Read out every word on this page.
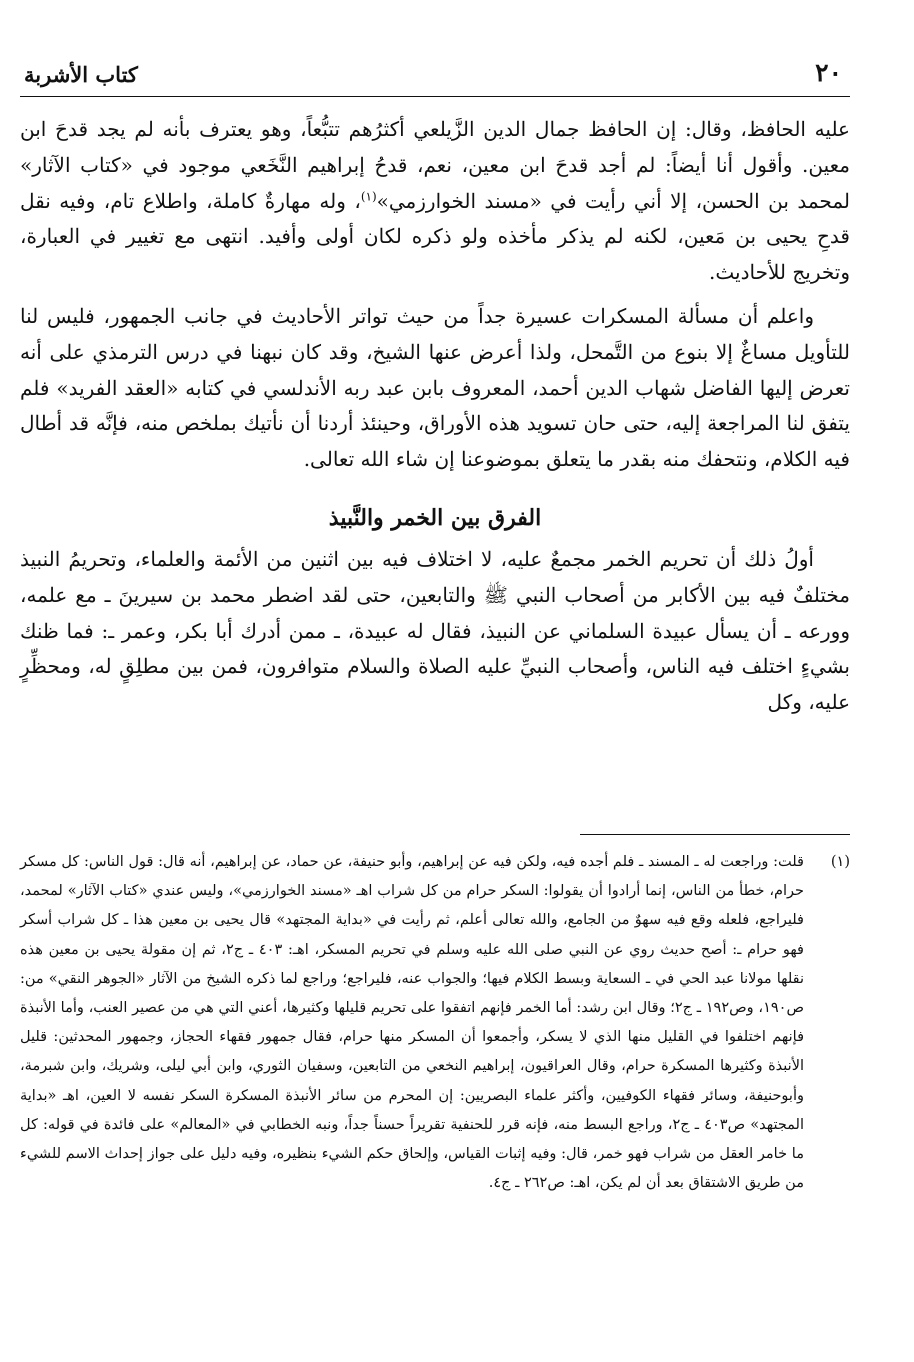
٢٠
كتاب الأشربة

عليه الحافظ، وقال: إن الحافظ جمال الدين الزَّيلعي أكثرُهم تتبُّعاً، وهو يعترف بأنه لم يجد قدحَ ابن معين. وأقول أنا أيضاً: لم أجد قدحَ ابن معين، نعم، قدحُ إبراهيم النَّخَعي موجود في «كتاب الآثار» لمحمد بن الحسن، إلا أني رأيت في «مسند الخوارزمي»$^{(١)}$، وله مهارةٌ كاملة، واطلاع تام، وفيه نقل قدحِ يحيى بن مَعين، لكنه لم يذكر مأخذه ولو ذكره لكان أولى وأفيد. انتهى مع تغيير في العبارة، وتخريج للأحاديث.

واعلم أن مسألة المسكرات عسيرة جداً من حيث تواتر الأحاديث في جانب الجمهور، فليس لنا للتأويل مساغٌ إلا بنوع من التَّمحل، ولذا أعرض عنها الشيخ، وقد كان نبهنا في درس الترمذي على أنه تعرض إليها الفاضل شهاب الدين أحمد، المعروف بابن عبد ربه الأندلسي في كتابه «العقد الفريد» فلم يتفق لنا المراجعة إليه، حتى حان تسويد هذه الأوراق، وحينئذ أردنا أن نأتيك بملخص منه، فإنَّه قد أطال فيه الكلام، ونتحفك منه بقدر ما يتعلق بموضوعنا إن شاء الله تعالى.

الفرق بين الخمر والنَّبيذ

أولُ ذلك أن تحريم الخمر مجمعٌ عليه، لا اختلاف فيه بين اثنين من الأئمة والعلماء، وتحريمُ النبيذ مختلفٌ فيه بين الأكابر من أصحاب النبي ﷺ والتابعين، حتى لقد اضطر محمد بن سيرينَ ـ مع علمه، وورعه ـ أن يسأل عبيدة السلماني عن النبيذ، فقال له عبيدة، ـ ممن أدرك أبا بكر، وعمر ـ: فما ظنك بشيءٍ اختلف فيه الناس، وأصحاب النبيِّ عليه الصلاة والسلام متوافرون، فمن بين مطلِقٍ له، ومحظِّرٍ عليه، وكل

(١)
قلت: وراجعت له ـ المسند ـ فلم أجده فيه، ولكن فيه عن إبراهيم، وأبو حنيفة، عن حماد، عن إبراهيم، أنه قال: قول الناس: كل مسكر حرام، خطأ من الناس، إنما أرادوا أن يقولوا: السكر حرام من كل شراب اهـ «مسند الخوارزمي»، وليس عندي «كتاب الآثار» لمحمد، فليراجع، فلعله وقع فيه سهوٌ من الجامع، والله تعالى أعلم، ثم رأيت في «بداية المجتهد» قال يحيى بن معين هذا ـ كل شراب أسكر فهو حرام ـ: أصح حديث روي عن النبي صلى الله عليه وسلم في تحريم المسكر، اهـ: ٤٠٣ ـ ج٢، ثم إن مقولة يحيى بن معين هذه نقلها مولانا عبد الحي في ـ السعاية وبسط الكلام فيها؛ والجواب عنه، فليراجع؛ وراجع لما ذكره الشيخ من الآثار «الجوهر النقي» من: ص١٩٠، وص١٩٢ ـ ج٢؛ وقال ابن رشد: أما الخمر فإنهم اتفقوا على تحريم قليلها وكثيرها، أعني التي هي من عصير العنب، وأما الأنبذة فإنهم اختلفوا في القليل منها الذي لا يسكر، وأجمعوا أن المسكر منها حرام، فقال جمهور فقهاء الحجاز، وجمهور المحدثين: قليل الأنبذة وكثيرها المسكرة حرام، وقال العراقيون، إبراهيم النخعي من التابعين، وسفيان الثوري، وابن أبي ليلى، وشريك، وابن شبرمة، وأبوحنيفة، وسائر فقهاء الكوفيين، وأكثر علماء البصريين: إن المحرم من سائر الأنبذة المسكرة السكر نفسه لا العين، اهـ «بداية المجتهد» ص٤٠٣ ـ ج٢، وراجع البسط منه، فإنه قرر للحنفية تقريراً حسناً جداً، ونبه الخطابي في «المعالم» على فائدة في قوله: كل ما خامر العقل من شراب فهو خمر، قال: وفيه إثبات القياس، وإلحاق حكم الشيء بنظيره، وفيه دليل على جواز إحداث الاسم للشيء من طريق الاشتقاق بعد أن لم يكن، اهـ: ص٢٦٢ ـ ج٤.
